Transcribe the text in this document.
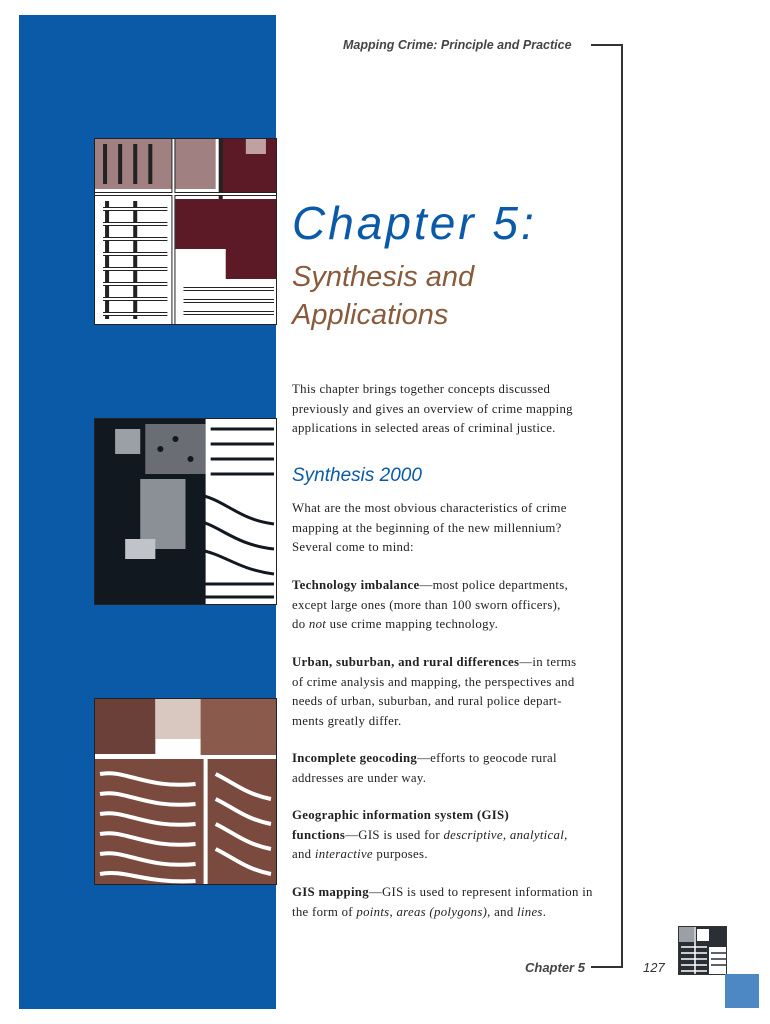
Mapping Crime: Principle and Practice
Chapter 5:
Synthesis and Applications

This chapter brings together concepts discussed
previously and gives an overview of crime mapping
applications in selected areas of criminal justice.

Synthesis 2000

What are the most obvious characteristics of crime
mapping at the beginning of the new millennium?
Several come to mind:

Technology imbalance—most police departments,
except large ones (more than 100 sworn officers),
do not use crime mapping technology.

Urban, suburban, and rural differences—in terms
of crime analysis and mapping, the perspectives and
needs of urban, suburban, and rural police depart-
ments greatly differ.

Incomplete geocoding—efforts to geocode rural
addresses are under way.

Geographic information system (GIS)
functions—GIS is used for descriptive, analytical,
and interactive purposes.

GIS mapping—GIS is used to represent information in
the form of points, areas (polygons), and lines.

Chapter 5	127
